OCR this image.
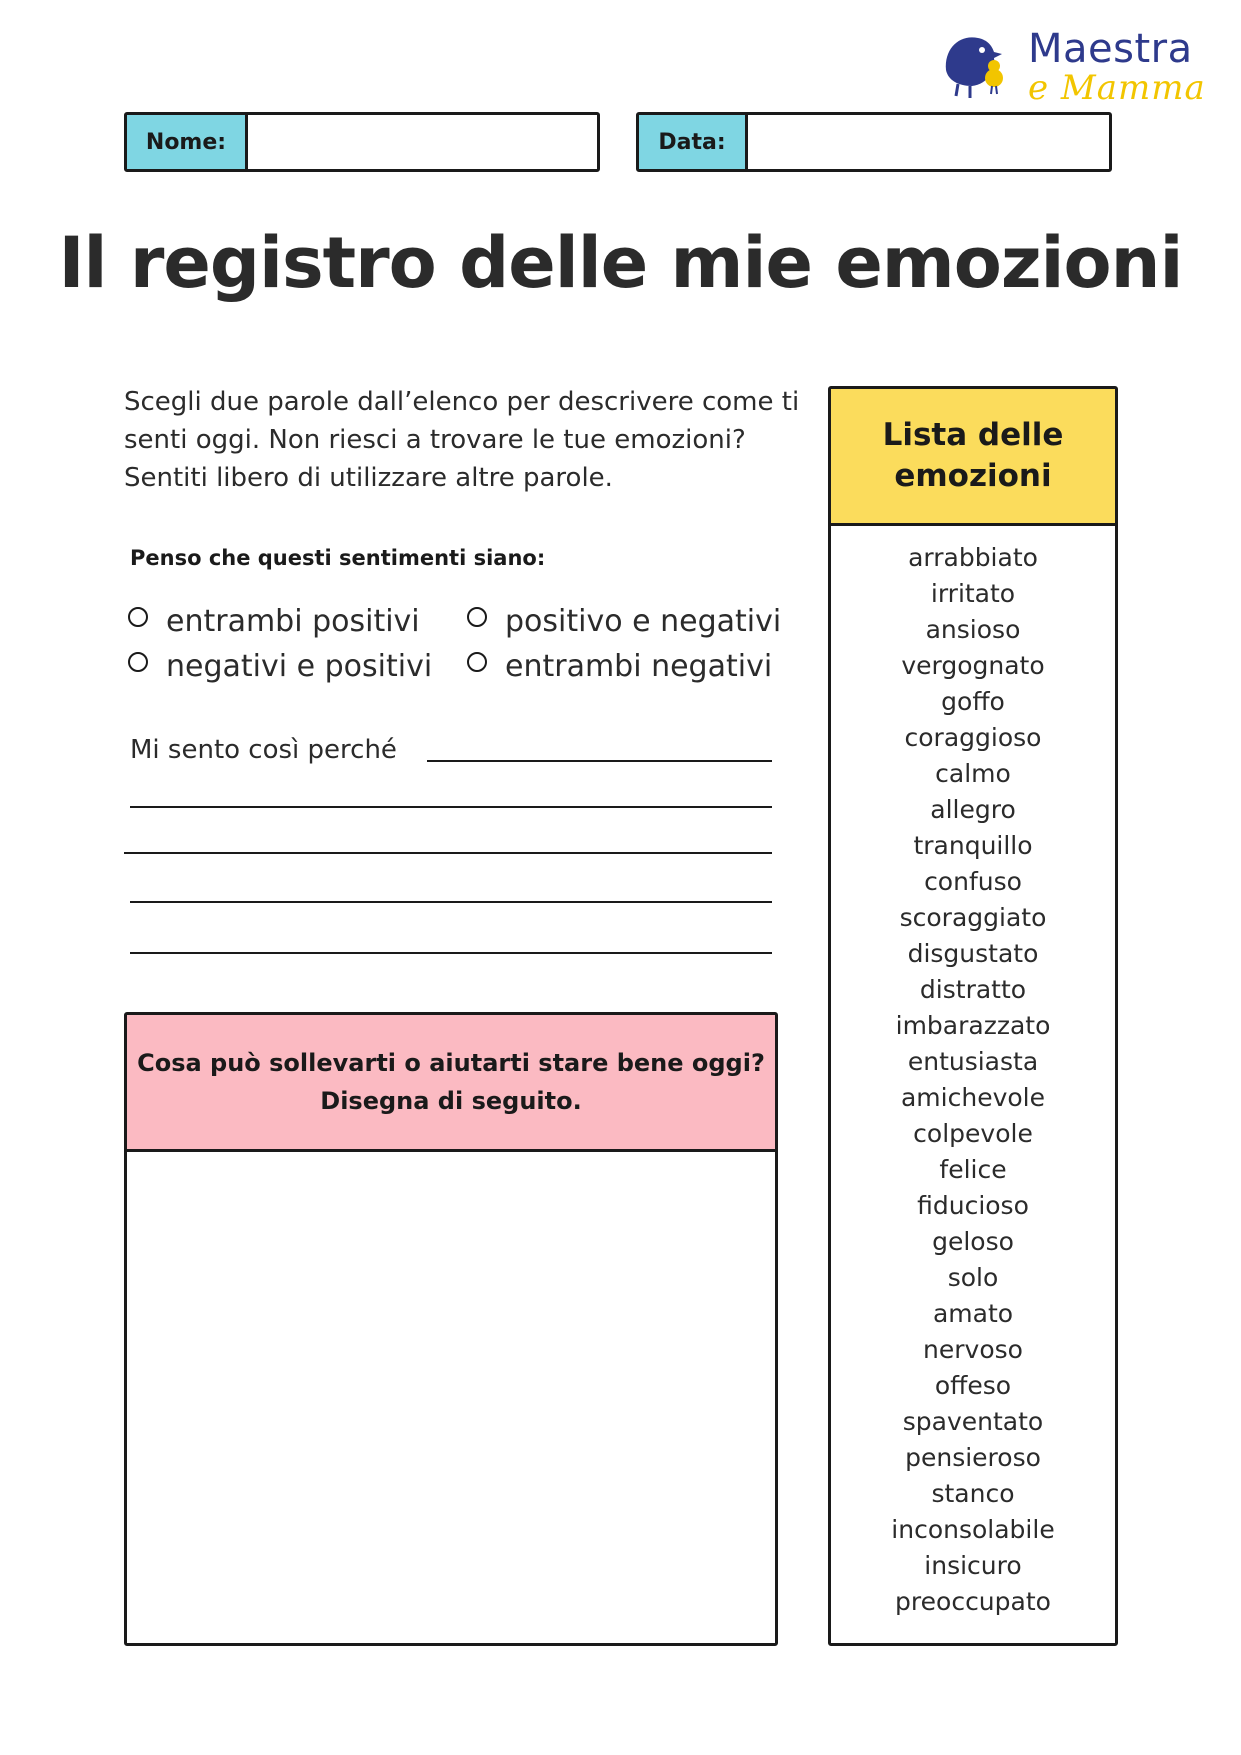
Maestra
e Mamma
Nome:	Data:
Il registro delle mie emozioni
Scegli due parole dall’elenco per descrivere come ti senti oggi. Non riesci a trovare le tue emozioni? Sentiti libero di utilizzare altre parole.
Penso che questi sentimenti siano:
entrambi positivi	positivo e negativi
negativi e positivi entrambi negativi
Mi sento così perché
Cosa può sollevarti o aiutarti stare bene oggi?
Disegna di seguito.
Lista delle
emozioni
arrabbiato
irritato
ansioso
vergognato
goffo
coraggioso
calmo
allegro
tranquillo
confuso
scoraggiato
disgustato
distratto
imbarazzato
entusiasta
amichevole
colpevole
felice
fiducioso
geloso
solo
amato
nervoso
offeso
spaventato
pensieroso
stanco
inconsolabile
insicuro
preoccupato
